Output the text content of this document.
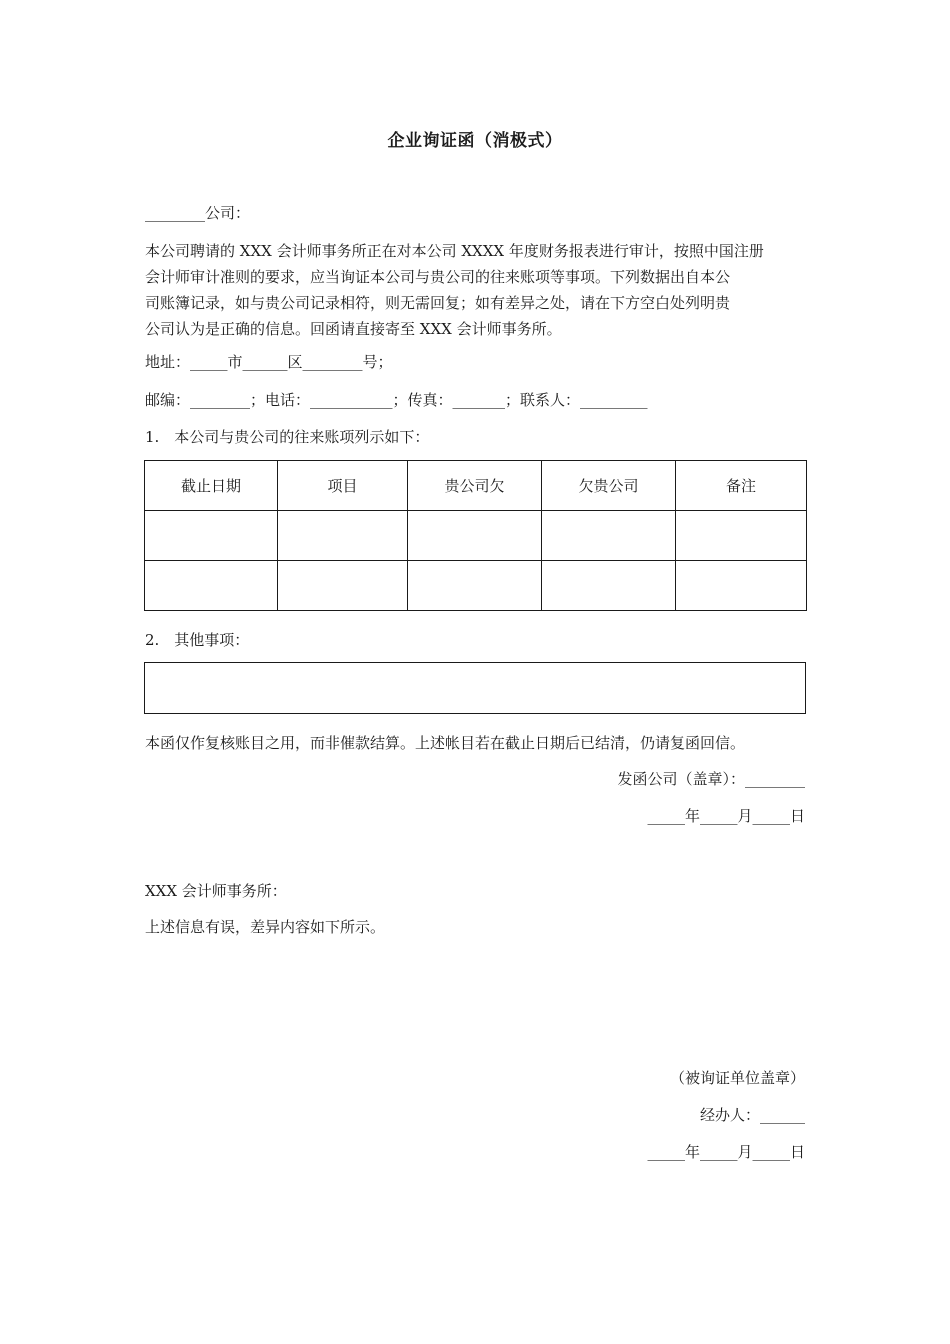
企业询证函（消极式）
________公司：
本公司聘请的 XXX 会计师事务所正在对本公司 XXXX 年度财务报表进行审计，按照中国注册
会计师审计准则的要求，应当询证本公司与贵公司的往来账项等事项。下列数据出自本公
司账簿记录，如与贵公司记录相符，则无需回复；如有差异之处，请在下方空白处列明贵
公司认为是正确的信息。回函请直接寄至 XXX 会计师事务所。
地址：_____市______区________号；
邮编：________；电话：___________；传真：_______；联系人：_________
1.　本公司与贵公司的往来账项列示如下：
截止日期	项目	贵公司欠	欠贵公司	备注

2.　其他事项：
本函仅作复核账目之用，而非催款结算。上述帐目若在截止日期后已结清，仍请复函回信。
发函公司（盖章）：________
_____年_____月_____日
XXX 会计师事务所：
上述信息有误，差异内容如下所示。
（被询证单位盖章）
经办人：______
_____年_____月_____日
